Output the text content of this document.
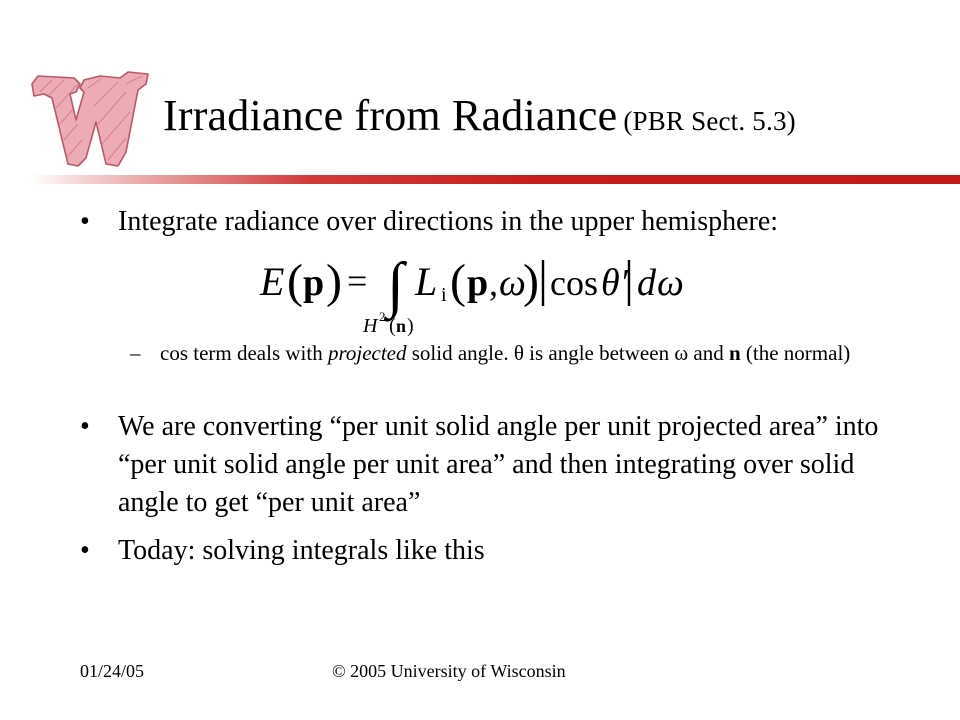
Irradiance from Radiance (PBR Sect. 5.3)
• Integrate radiance over directions in the upper hemisphere:
E ( p ) = ∫ L i ( p , ω
) cos θ′ d ω
H 2 ( n )
– cos term deals with projected solid angle. θ is angle between ω and n (the normal)
• We are converting “per unit solid angle per unit projected area” into “per unit solid angle per unit area” and then integrating over solid angle to get “per unit area”
• Today: solving integrals like this
01/24/05	© 2005 University of Wisconsin
